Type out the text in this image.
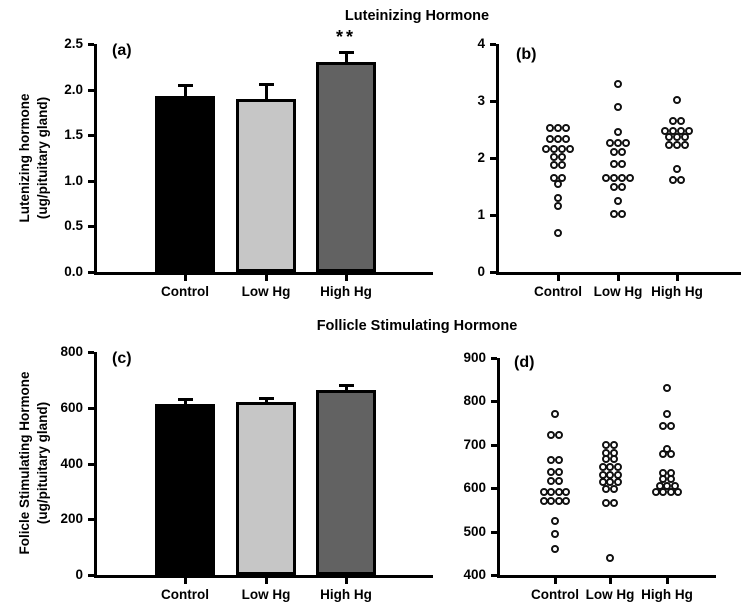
Luteinizing Hormone
Follicle Stimulating Hormone
(a)	(b)
(c)	(d)
Lutenizing hormone (ug/pituitary gland)
Folicle Stimulating Hormone (ug/pituitary gland)
0.0
0.5
1.0
1.5
2.0
2.5
Control	Low Hg	High Hg
**
0
1
2
3
4
Control Low Hg High Hg
0
200
400
600
800
Control	Low Hg	High Hg
400
500
600
700
800
900
Control Low Hg High Hg
